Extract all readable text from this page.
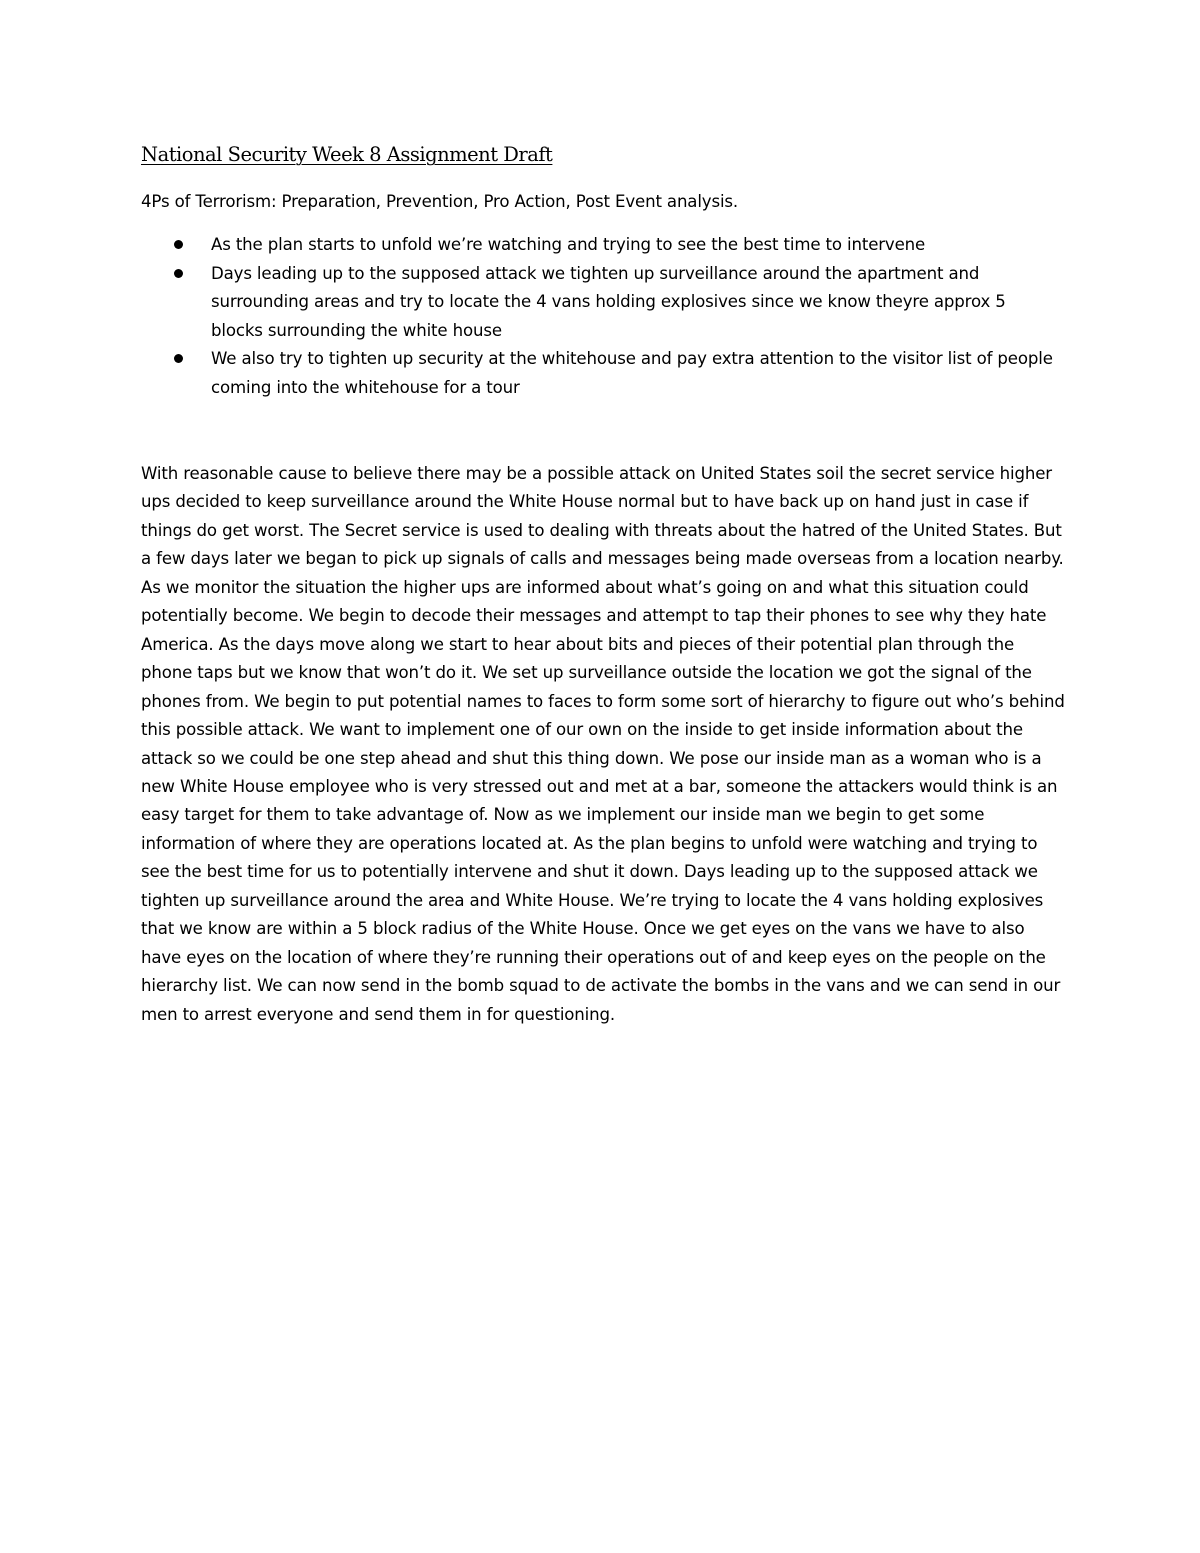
National Security Week 8 Assignment Draft
4Ps of Terrorism: Preparation, Prevention, Pro Action, Post Event analysis.
As the plan starts to unfold we’re watching and trying to see the best time to intervene
Days leading up to the supposed attack we tighten up surveillance around the apartment and surrounding areas and try to locate the 4 vans holding explosives since we know theyre approx 5 blocks surrounding the white house
We also try to tighten up security at the whitehouse and pay extra attention to the visitor list of people coming into the whitehouse for a tour

With reasonable cause to believe there may be a possible attack on United States soil the secret service higher ups decided to keep surveillance around the White House normal but to have back up on hand just in case if things do get worst. The Secret service is used to dealing with threats about the hatred of the United States. But a few days later we began to pick up signals of calls and messages being made overseas from a location nearby. As we monitor the situation the higher ups are informed about what’s going on and what this situation could potentially become. We begin to decode their messages and attempt to tap their phones to see why they hate America. As the days move along we start to hear about bits and pieces of their potential plan through the phone taps but we know that won’t do it. We set up surveillance outside the location we got the signal of the phones from. We begin to put potential names to faces to form some sort of hierarchy to figure out who’s behind this possible attack. We want to implement one of our own on the inside to get inside information about the attack so we could be one step ahead and shut this thing down. We pose our inside man as a woman who is a new White House employee who is very stressed out and met at a bar, someone the attackers would think is an easy target for them to take advantage of. Now as we implement our inside man we begin to get some information of where they are operations located at. As the plan begins to unfold were watching and trying to see the best time for us to potentially intervene and shut it down. Days leading up to the supposed attack we tighten up surveillance around the area and White House. We’re trying to locate the 4 vans holding explosives that we know are within a 5 block radius of the White House. Once we get eyes on the vans we have to also have eyes on the location of where they’re running their operations out of and keep eyes on the people on the hierarchy list. We can now send in the bomb squad to de activate the bombs in the vans and we can send in our men to arrest everyone and send them in for questioning.
